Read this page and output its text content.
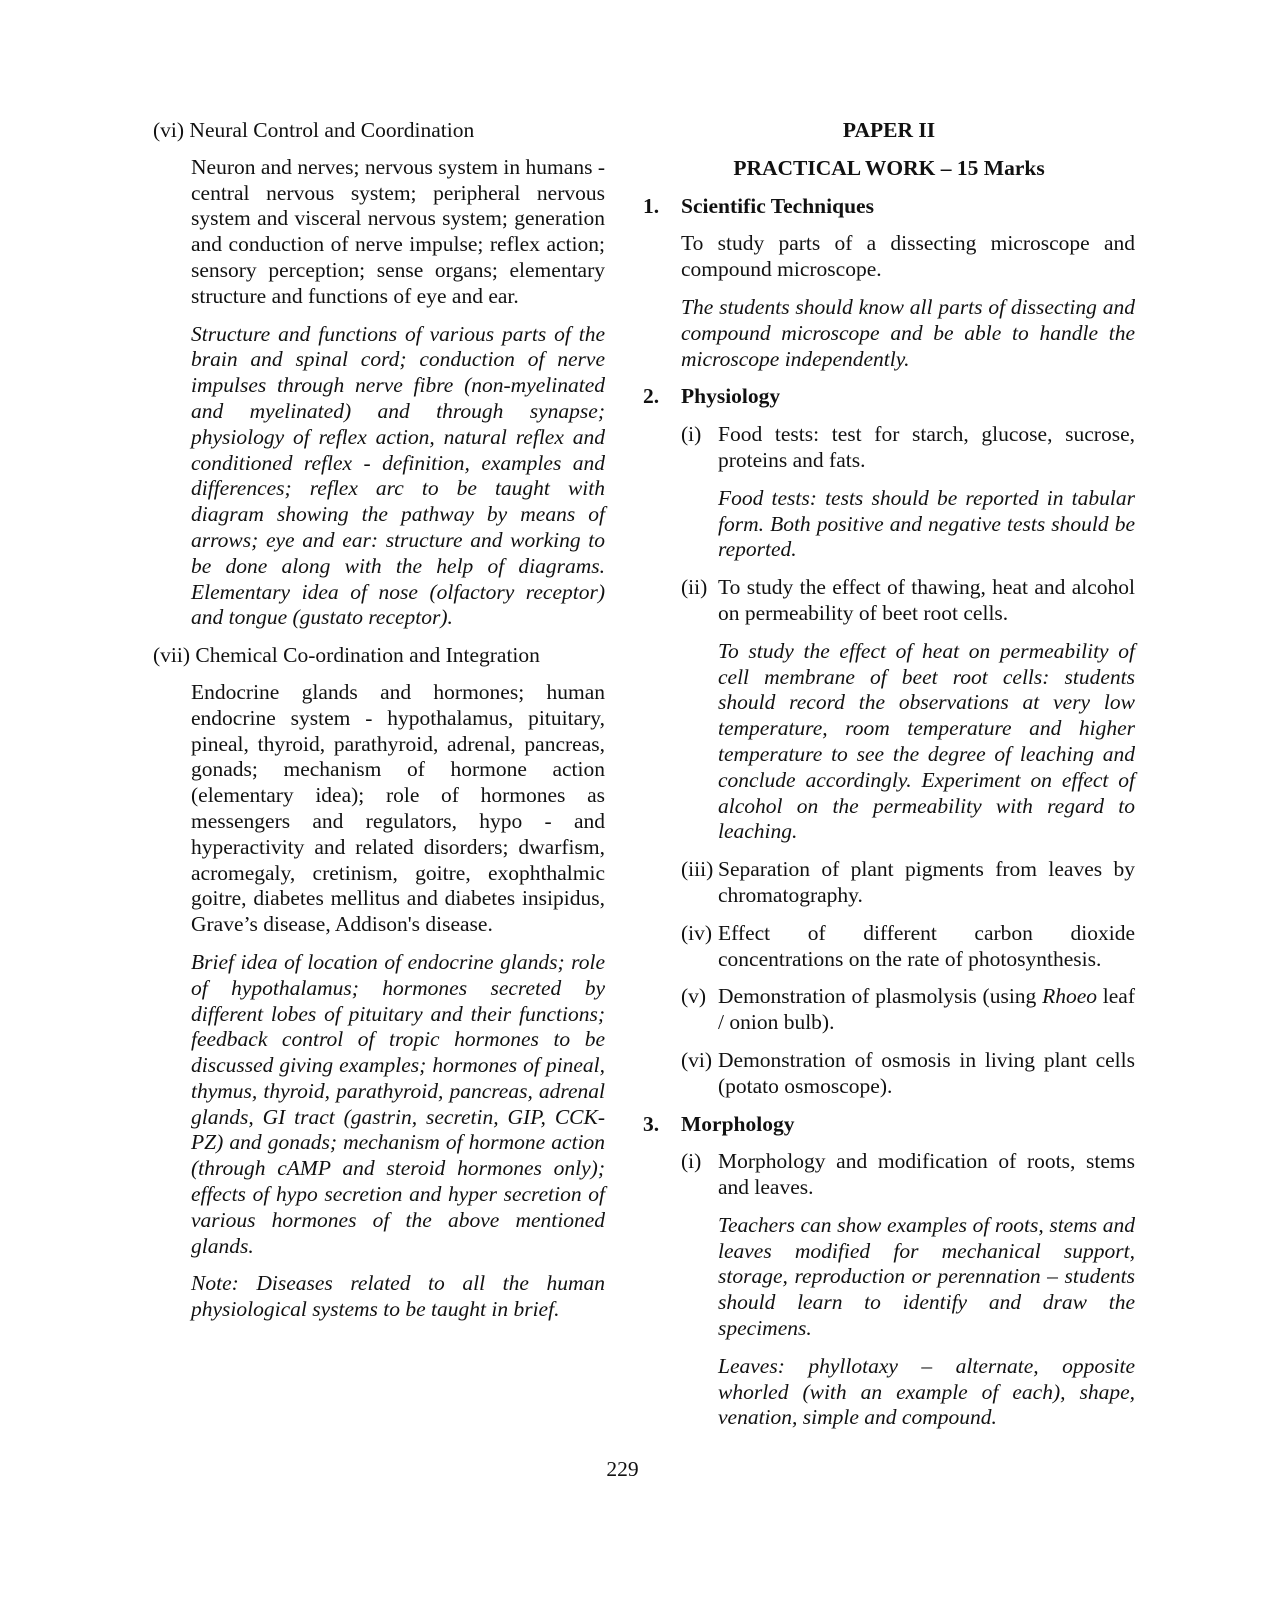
(vi) Neural Control and Coordination

Neuron and nerves; nervous system in humans - central nervous system; peripheral nervous system and visceral nervous system; generation and conduction of nerve impulse; reflex action; sensory perception; sense organs; elementary structure and functions of eye and ear.

Structure and functions of various parts of the brain and spinal cord; conduction of nerve impulses through nerve fibre (non-myelinated and myelinated) and through synapse; physiology of reflex action, natural reflex and conditioned reflex - definition, examples and differences; reflex arc to be taught with diagram showing the pathway by means of arrows; eye and ear: structure and working to be done along with the help of diagrams. Elementary idea of nose (olfactory receptor) and tongue (gustato receptor).

(vii) Chemical Co-ordination and Integration

Endocrine glands and hormones; human endocrine system - hypothalamus, pituitary, pineal, thyroid, parathyroid, adrenal, pancreas, gonads; mechanism of hormone action (elementary idea); role of hormones as messengers and regulators, hypo - and hyperactivity and related disorders; dwarfism, acromegaly, cretinism, goitre, exophthalmic goitre, diabetes mellitus and diabetes insipidus, Grave’s disease, Addison's disease.

Brief idea of location of endocrine glands; role of hypothalamus; hormones secreted by different lobes of pituitary and their functions; feedback control of tropic hormones to be discussed giving examples; hormones of pineal, thymus, thyroid, parathyroid, pancreas, adrenal glands, GI tract (gastrin, secretin, GIP, CCK-PZ) and gonads; mechanism of hormone action (through cAMP and steroid hormones only); effects of hypo secretion and hyper secretion of various hormones of the above mentioned glands.

Note: Diseases related to all the human physiological systems to be taught in brief.

PAPER II

PRACTICAL WORK – 15 Marks

1. Scientific Techniques

To study parts of a dissecting microscope and compound microscope.

The students should know all parts of dissecting and compound microscope and be able to handle the microscope independently.

2. Physiology

(i) Food tests: test for starch, glucose, sucrose, proteins and fats.

Food tests: tests should be reported in tabular form. Both positive and negative tests should be reported.

(ii) To study the effect of thawing, heat and alcohol on permeability of beet root cells.

To study the effect of heat on permeability of cell membrane of beet root cells: students should record the observations at very low temperature, room temperature and higher temperature to see the degree of leaching and conclude accordingly. Experiment on effect of alcohol on the permeability with regard to leaching.

(iii) Separation of plant pigments from leaves by chromatography.
(iv) Effect of different carbon dioxide concentrations on the rate of photosynthesis.
(v) Demonstration of plasmolysis (using Rhoeo leaf / onion bulb).
(vi) Demonstration of osmosis in living plant cells (potato osmoscope).

3. Morphology

(i) Morphology and modification of roots, stems and leaves.

Teachers can show examples of roots, stems and leaves modified for mechanical support, storage, reproduction or perennation – students should learn to identify and draw the specimens.

Leaves: phyllotaxy – alternate, opposite whorled (with an example of each), shape, venation, simple and compound.

229
